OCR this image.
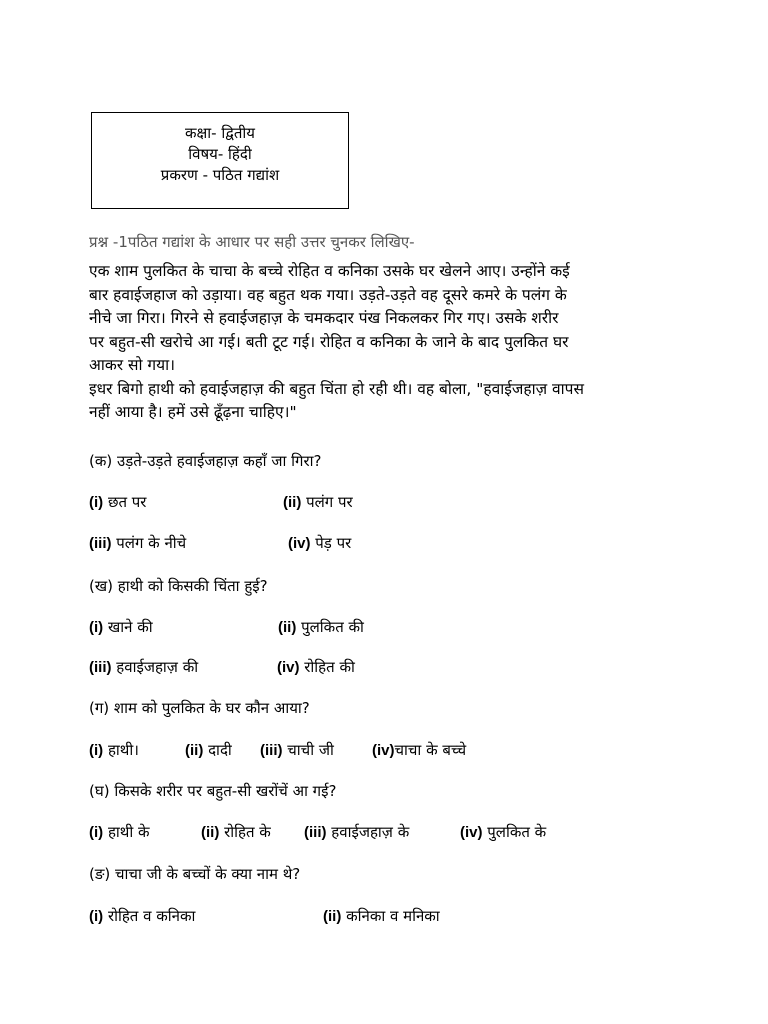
कक्षा- द्वितीय
विषय- हिंदी
प्रकरण - पठित गद्यांश
प्रश्न -1पठित गद्यांश के आधार पर सही उत्तर चुनकर लिखिए-
एक शाम पुलकित के चाचा के बच्चे रोहित व कनिका उसके घर खेलने आए। उन्होंने कई
बार हवाईजहाज को उड़ाया। वह बहुत थक गया। उड़ते-उड़ते वह दूसरे कमरे के पलंग के
नीचे जा गिरा। गिरने से हवाईजहाज़ के चमकदार पंख निकलकर गिर गए। उसके शरीर
पर बहुत-सी खरोचे आ गई। बती टूट गई। रोहित व कनिका के जाने के बाद पुलकित घर
आकर सो गया।
इधर बिगो हाथी को हवाईजहाज़ की बहुत चिंता हो रही थी। वह बोला, "हवाईजहाज़ वापस
नहीं आया है। हमें उसे ढूँढ़ना चाहिए।"
(क) उड़ते-उड़ते हवाईजहाज़ कहाँ जा गिरा?
(i) छत पर	(ii) पलंग पर
(iii) पलंग के नीचे	(iv) पेड़ पर
(ख) हाथी को किसकी चिंता हुई?
(i) खाने की	(ii) पुलकित की
(iii) हवाईजहाज़ की	(iv) रोहित की
(ग) शाम को पुलकित के घर कौन आया?
(i) हाथी।	(ii) दादी (iii) चाची जी	(iv)चाचा के बच्चे
(घ) किसके शरीर पर बहुत-सी खरोंचें आ गई?
(i) हाथी के	(ii) रोहित के (iii) हवाईजहाज़ के	(iv) पुलकित के
(ङ) चाचा जी के बच्चों के क्या नाम थे?
(i) रोहित व कनिका	(ii) कनिका व मनिका
